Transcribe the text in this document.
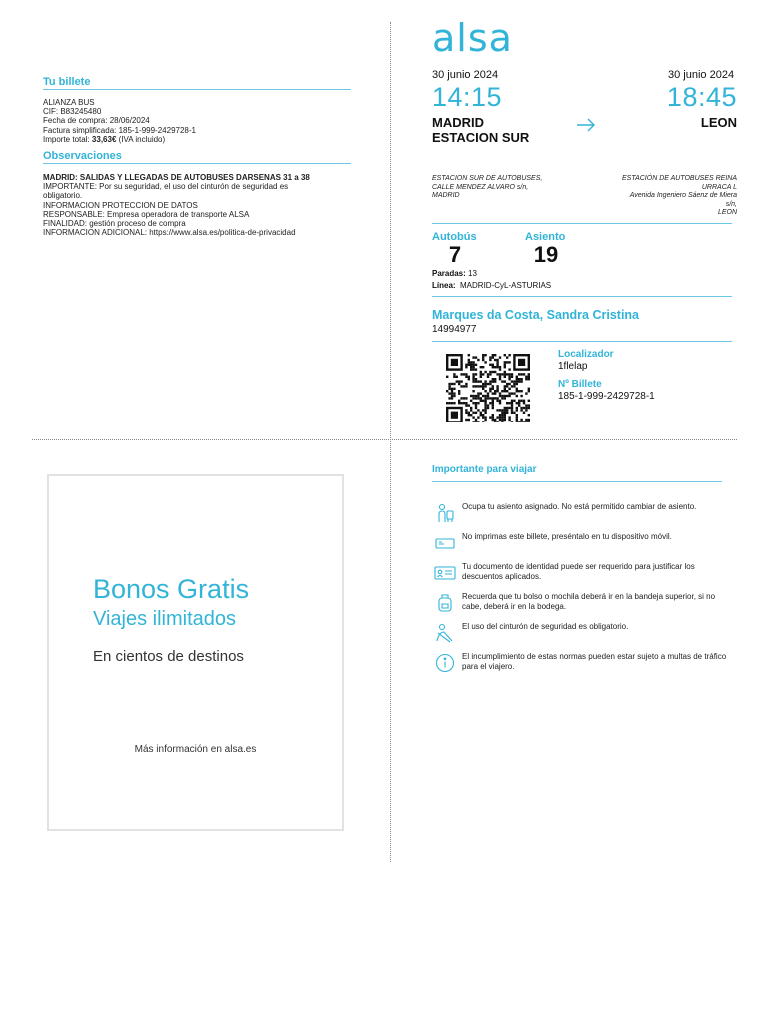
Tu billete
ALIANZA BUS
CIF: B83245480
Fecha de compra: 28/06/2024
Factura simplificada: 185-1-999-2429728-1
Importe total: 33,63€ (IVA incluido)
Observaciones
MADRID: SALIDAS Y LLEGADAS DE AUTOBUSES DARSENAS 31 a 38
IMPORTANTE: Por su seguridad, el uso del cinturón de seguridad es
obligatorio.
INFORMACION PROTECCION DE DATOS
RESPONSABLE: Empresa operadora de transporte ALSA
FINALIDAD: gestión proceso de compra
INFORMACION ADICIONAL: https://www.alsa.es/politica-de-privacidad
alsa
30 junio 2024	30 junio 2024
14:15	18:45
MADRID
ESTACION SUR
LEON
ESTACION SUR DE AUTOBUSES,
CALLE MENDEZ ALVARO s/n,
MADRID
ESTACIÓN DE AUTOBUSES REINA
URRACA L
Avenida Ingeniero Sáenz de Miera
s/n,
LEON
Autobús
7
Asiento
19
Paradas: 13
Línea: MADRID-CyL-ASTURIAS
Marques da Costa, Sandra Cristina
14994977
Localizador
1flelap
Nº Billete
185-1-999-2429728-1
Bonos Gratis
Viajes ilimitados
En cientos de destinos
Más información en alsa.es
Importante para viajar
Ocupa tu asiento asignado. No está permitido cambiar de asiento.
No imprimas este billete, preséntalo en tu dispositivo móvil.
Tu documento de identidad puede ser requerido para justificar los descuentos aplicados.
Recuerda que tu bolso o mochila deberá ir en la bandeja superior, si no cabe, deberá ir en la bodega.
El uso del cinturón de seguridad es obligatorio.
El incumplimiento de estas normas pueden estar sujeto a multas de tráfico para el viajero.
